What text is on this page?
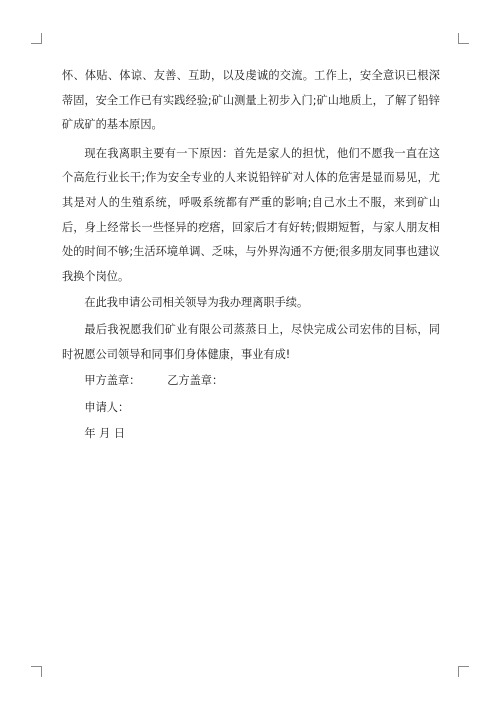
怀、体贴、体谅、友善、互助，以及虔诚的交流。工作上，安全意识已根深蒂固，安全工作已有实践经验;矿山测量上初步入门;矿山地质上，了解了铅锌矿成矿的基本原因。

现在我离职主要有一下原因：首先是家人的担忧，他们不愿我一直在这个高危行业长干;作为安全专业的人来说铅锌矿对人体的危害是显而易见，尤其是对人的生殖系统，呼吸系统都有严重的影响;自己水土不服，来到矿山后，身上经常长一些怪异的疙瘩，回家后才有好转;假期短暂，与家人朋友相处的时间不够;生活环境单调、乏味，与外界沟通不方便;很多朋友同事也建议我换个岗位。

在此我申请公司相关领导为我办理离职手续。

最后我祝愿我们矿业有限公司蒸蒸日上，尽快完成公司宏伟的目标，同时祝愿公司领导和同事们身体健康，事业有成!

甲方盖章： 乙方盖章：

申请人：

年 月 日
